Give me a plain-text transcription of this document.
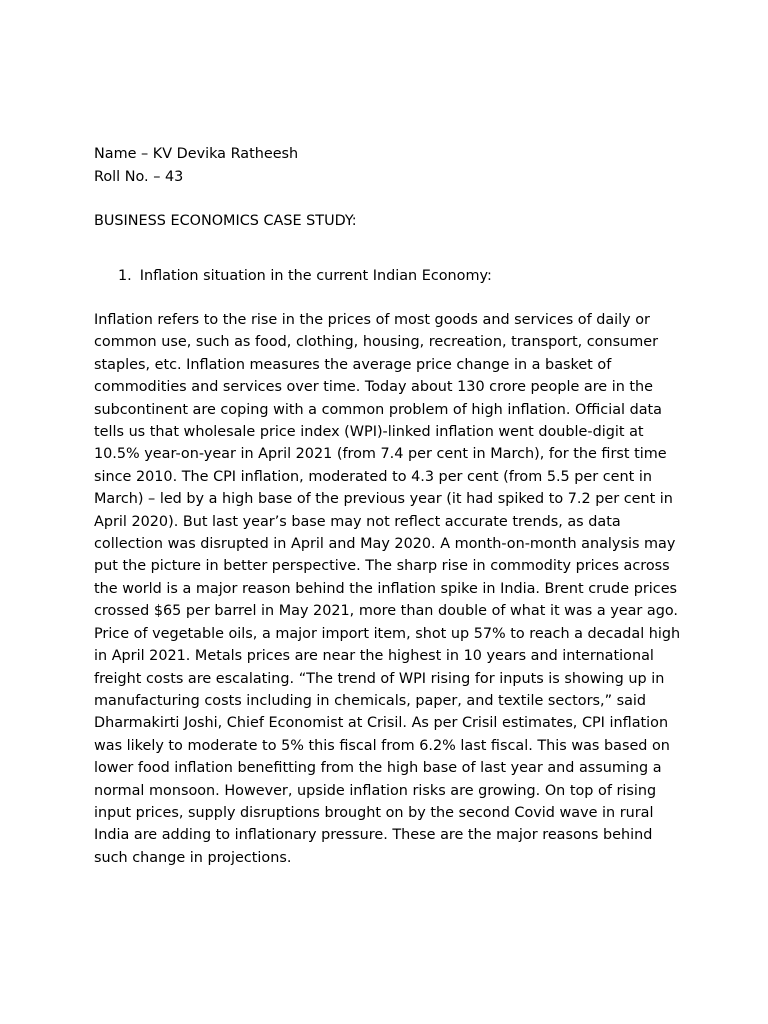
Name – KV Devika Ratheesh
Roll No. – 43
BUSINESS ECONOMICS CASE STUDY:
1. Inflation situation in the current Indian Economy:
Inflation refers to the rise in the prices of most goods and services of daily or common use, such as food, clothing, housing, recreation, transport, consumer staples, etc. Inflation measures the average price change in a basket of commodities and services over time. Today about 130 crore people are in the subcontinent are coping with a common problem of high inflation. Official data tells us that wholesale price index (WPI)-linked inflation went double-digit at 10.5% year-on-year in April 2021 (from 7.4 per cent in March), for the first time since 2010. The CPI inflation, moderated to 4.3 per cent (from 5.5 per cent in March) – led by a high base of the previous year (it had spiked to 7.2 per cent in April 2020). But last year’s base may not reflect accurate trends, as data collection was disrupted in April and May 2020. A month-on-month analysis may put the picture in better perspective. The sharp rise in commodity prices across the world is a major reason behind the inflation spike in India. Brent crude prices crossed $65 per barrel in May 2021, more than double of what it was a year ago. Price of vegetable oils, a major import item, shot up 57% to reach a decadal high in April 2021. Metals prices are near the highest in 10 years and international freight costs are escalating. “The trend of WPI rising for inputs is showing up in manufacturing costs including in chemicals, paper, and textile sectors,” said Dharmakirti Joshi, Chief Economist at Crisil. As per Crisil estimates, CPI inflation was likely to moderate to 5% this fiscal from 6.2% last fiscal. This was based on lower food inflation benefitting from the high base of last year and assuming a normal monsoon. However, upside inflation risks are growing. On top of rising input prices, supply disruptions brought on by the second Covid wave in rural India are adding to inflationary pressure. These are the major reasons behind such change in projections.
